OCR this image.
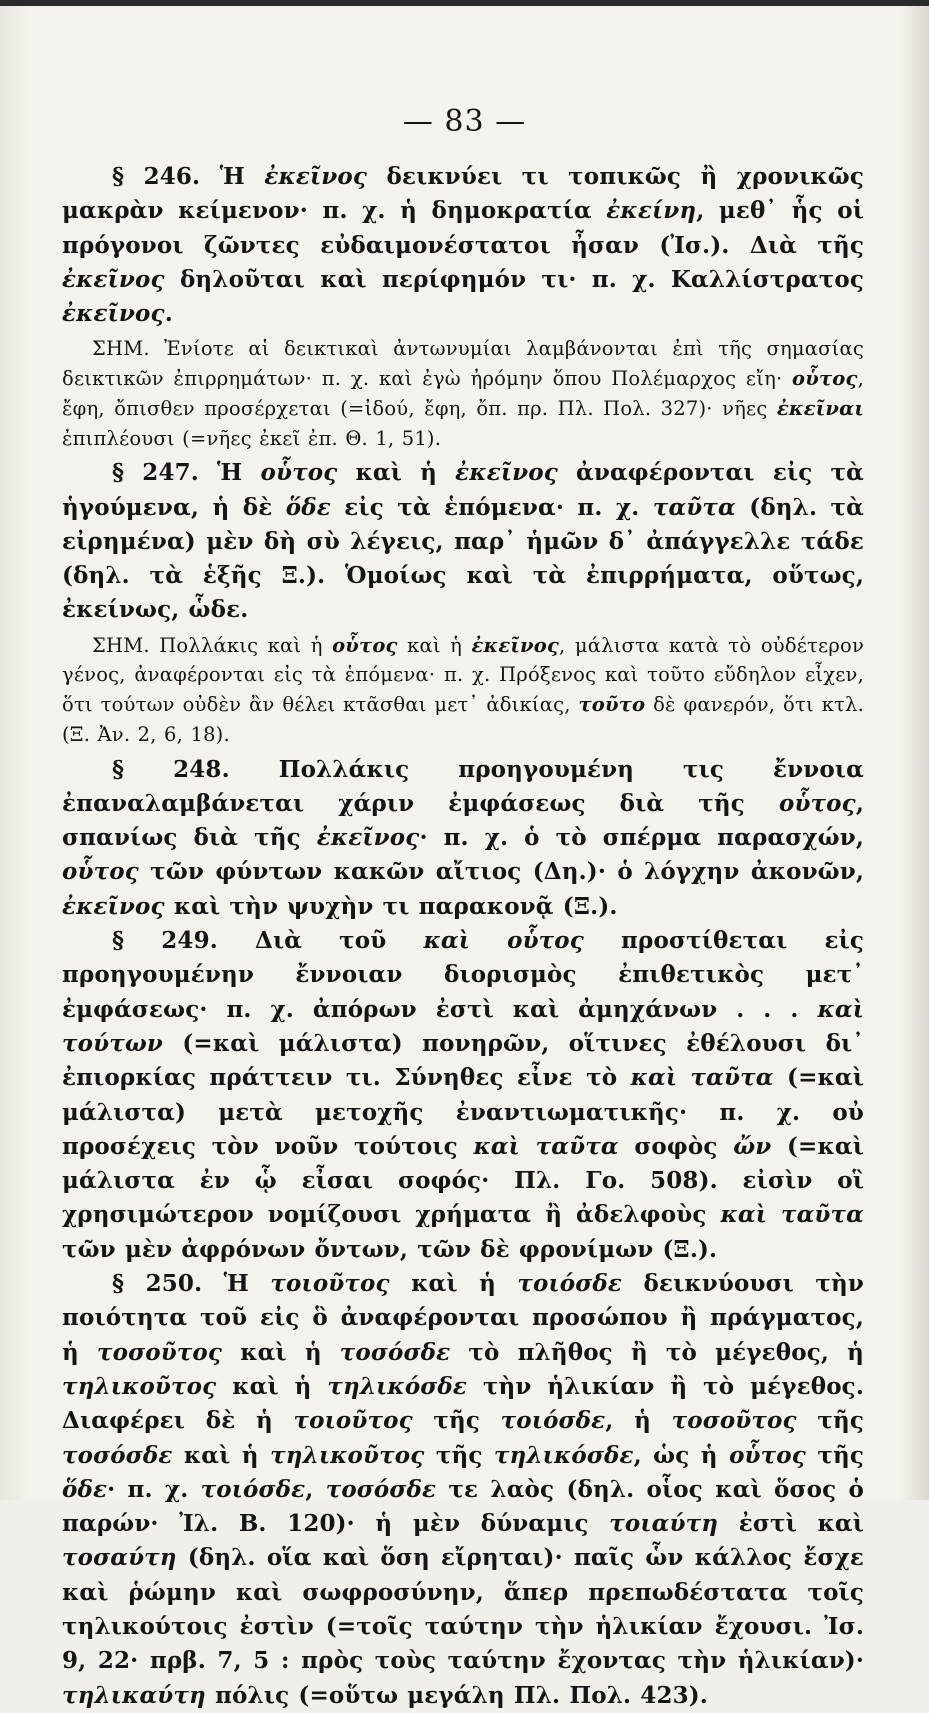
— 83 —

§ 246. Ἡ ἐκεῖνος δεικνύει τι τοπικῶς ἢ χρονικῶς μακρὰν κείμενον· π. χ. ἡ δημοκρατία ἐκείνη, μεθ᾽ ἧς οἱ πρόγονοι ζῶντες εὐδαιμονέστατοι ἦσαν (Ἰσ.). Διὰ τῆς ἐκεῖνος δηλοῦται καὶ περίφημόν τι· π. χ. Καλλίστρατος ἐκεῖνος.

ΣΗΜ. Ἐνίοτε αἱ δεικτικαὶ ἀντωνυμίαι λαμβάνονται ἐπὶ τῆς σημασίας δεικτικῶν ἐπιρρημάτων· π. χ. καὶ ἐγὼ ἠρόμην ὅπου Πολέμαρχος εἴη· οὗτος, ἔφη, ὄπισθεν προσέρχεται (=ἰδού, ἔφη, ὄπ. πρ. Πλ. Πολ. 327)· νῆες ἐκεῖναι ἐπιπλέουσι (=νῆες ἐκεῖ ἐπ. Θ. 1, 51).

§ 247. Ἡ οὗτος καὶ ἡ ἐκεῖνος ἀναφέρονται εἰς τὰ ἡγούμενα, ἡ δὲ ὅδε εἰς τὰ ἑπόμενα· π. χ. ταῦτα (δηλ. τὰ εἰρημένα) μὲν δὴ σὺ λέγεις, παρ᾽ ἡμῶν δ᾽ ἀπάγγελλε τάδε (δηλ. τὰ ἑξῆς Ξ.). Ὁμοίως καὶ τὰ ἐπιρρήματα, οὕτως, ἐκείνως, ὧδε.

ΣΗΜ. Πολλάκις καὶ ἡ οὗτος καὶ ἡ ἐκεῖνος, μάλιστα κατὰ τὸ οὐδέτερον γένος, ἀναφέρονται εἰς τὰ ἑπόμενα· π. χ. Πρόξενος καὶ τοῦτο εὔδηλον εἶχεν, ὅτι τούτων οὐδὲν ἂν θέλει κτᾶσθαι μετ᾽ ἀδικίας, τοῦτο δὲ φανερόν, ὅτι κτλ. (Ξ. Ἀν. 2, 6, 18).

§ 248. Πολλάκις προηγουμένη τις ἔννοια ἐπαναλαμβάνεται χάριν ἐμφάσεως διὰ τῆς οὗτος, σπανίως διὰ τῆς ἐκεῖνος· π. χ. ὁ τὸ σπέρμα παρασχών, οὗτος τῶν φύντων κακῶν αἴτιος (Δη.)· ὁ λόγχην ἀκονῶν, ἐκεῖνος καὶ τὴν ψυχὴν τι παρακονᾷ (Ξ.).

§ 249. Διὰ τοῦ καὶ οὗτος προστίθεται εἰς προηγουμένην ἔννοιαν διορισμὸς ἐπιθετικὸς μετ᾽ ἐμφάσεως· π. χ. ἀπόρων ἐστὶ καὶ ἀμηχάνων . . . καὶ τούτων (=καὶ μάλιστα) πονηρῶν, οἵτινες ἐθέλουσι δι᾽ ἐπιορκίας πράττειν τι. Σύνηθες εἶνε τὸ καὶ ταῦτα (=καὶ μάλιστα) μετὰ μετοχῆς ἐναντιωματικῆς· π. χ. οὐ προσέχεις τὸν νοῦν τούτοις καὶ ταῦτα σοφὸς ὤν (=καὶ μάλιστα ἐν ᾧ εἶσαι σοφός· Πλ. Γο. 508). εἰσὶν οἳ χρησιμώτερον νομίζουσι χρήματα ἢ ἀδελφοὺς καὶ ταῦτα τῶν μὲν ἀφρόνων ὄντων, τῶν δὲ φρονίμων (Ξ.).

§ 250. Ἡ τοιοῦτος καὶ ἡ τοιόσδε δεικνύουσι τὴν ποιότητα τοῦ εἰς ὃ ἀναφέρονται προσώπου ἢ πράγματος, ἡ τοσοῦτος καὶ ἡ τοσόσδε τὸ πλῆθος ἢ τὸ μέγεθος, ἡ τηλικοῦτος καὶ ἡ τηλικόσδε τὴν ἡλικίαν ἢ τὸ μέγεθος. Διαφέρει δὲ ἡ τοιοῦτος τῆς τοιόσδε, ἡ τοσοῦτος τῆς τοσόσδε καὶ ἡ τηλικοῦτος τῆς τηλικόσδε, ὡς ἡ οὗτος τῆς ὅδε· π. χ. τοιόσδε, τοσόσδε τε λαὸς (δηλ. οἷος καὶ ὅσος ὁ παρών· Ἰλ. Β. 120)· ἡ μὲν δύναμις τοιαύτη ἐστὶ καὶ τοσαύτη (δηλ. οἵα καὶ ὅση εἴρηται)· παῖς ὧν κάλλος ἔσχε καὶ ῥώμην καὶ σωφροσύνην, ἅπερ πρεπωδέστατα τοῖς τηλικούτοις ἐστὶν (=τοῖς ταύτην τὴν ἡλικίαν ἔχουσι. Ἰσ. 9, 22· πρβ. 7, 5 : πρὸς τοὺς ταύτην ἔχοντας τὴν ἡλικίαν)· τηλικαύτη πόλις (=οὕτω μεγάλη Πλ. Πολ. 423).
